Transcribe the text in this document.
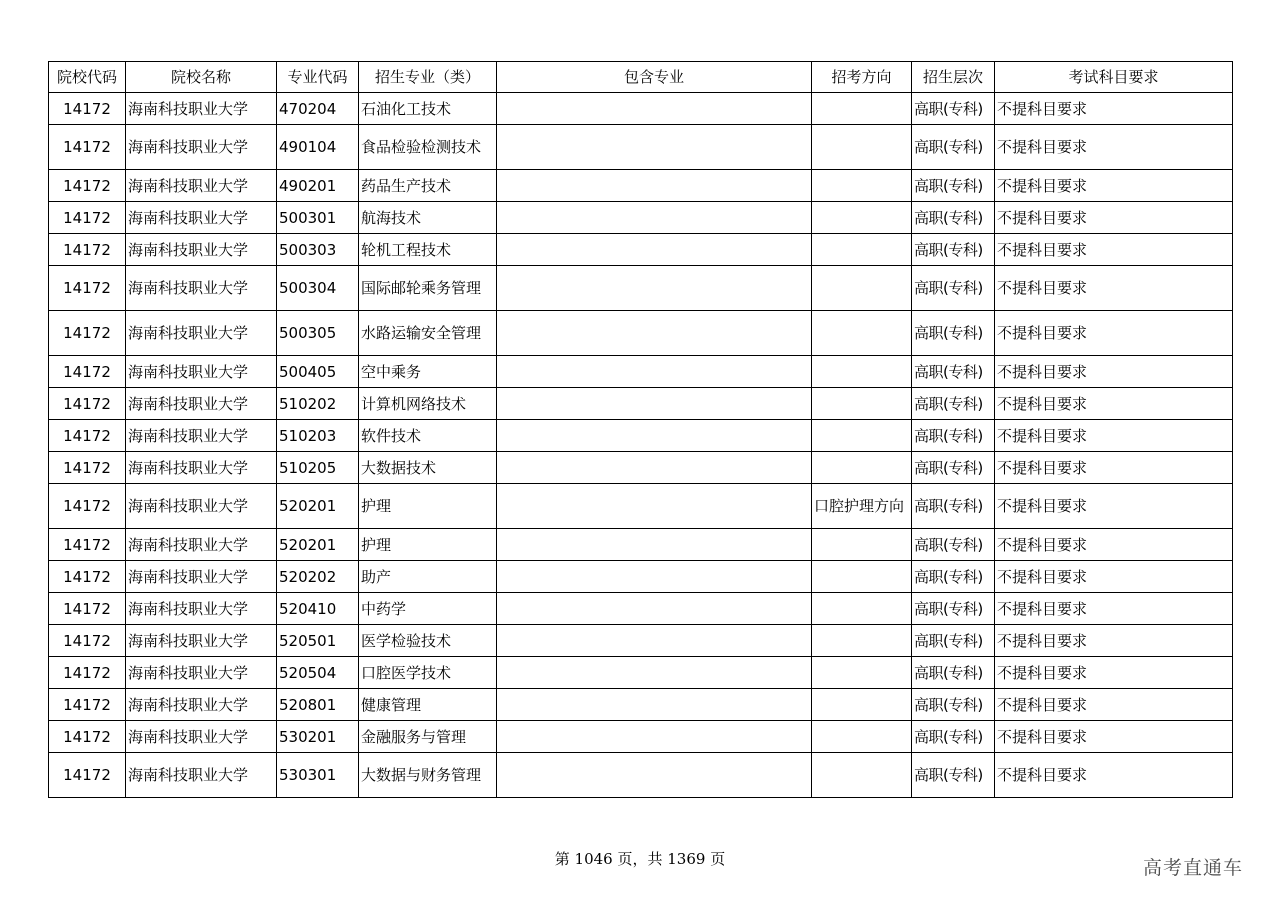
院校代码	院校名称	专业代码	招生专业（类）	包含专业	招考方向	招生层次	考试科目要求
14172	海南科技职业大学	470204	石油化工技术			高职(专科)	不提科目要求
14172	海南科技职业大学	490104	食品检验检测技术			高职(专科)	不提科目要求
14172	海南科技职业大学	490201	药品生产技术			高职(专科)	不提科目要求
14172	海南科技职业大学	500301	航海技术			高职(专科)	不提科目要求
14172	海南科技职业大学	500303	轮机工程技术			高职(专科)	不提科目要求
14172	海南科技职业大学	500304	国际邮轮乘务管理			高职(专科)	不提科目要求
14172	海南科技职业大学	500305	水路运输安全管理			高职(专科)	不提科目要求
14172	海南科技职业大学	500405	空中乘务			高职(专科)	不提科目要求
14172	海南科技职业大学	510202	计算机网络技术			高职(专科)	不提科目要求
14172	海南科技职业大学	510203	软件技术			高职(专科)	不提科目要求
14172	海南科技职业大学	510205	大数据技术			高职(专科)	不提科目要求
14172	海南科技职业大学	520201	护理		口腔护理方向	高职(专科)	不提科目要求
14172	海南科技职业大学	520201	护理			高职(专科)	不提科目要求
14172	海南科技职业大学	520202	助产			高职(专科)	不提科目要求
14172	海南科技职业大学	520410	中药学			高职(专科)	不提科目要求
14172	海南科技职业大学	520501	医学检验技术			高职(专科)	不提科目要求
14172	海南科技职业大学	520504	口腔医学技术			高职(专科)	不提科目要求
14172	海南科技职业大学	520801	健康管理			高职(专科)	不提科目要求
14172	海南科技职业大学	530201	金融服务与管理			高职(专科)	不提科目要求
14172	海南科技职业大学	530301	大数据与财务管理			高职(专科)	不提科目要求
第 1046 页，共 1369 页	高考直通车
